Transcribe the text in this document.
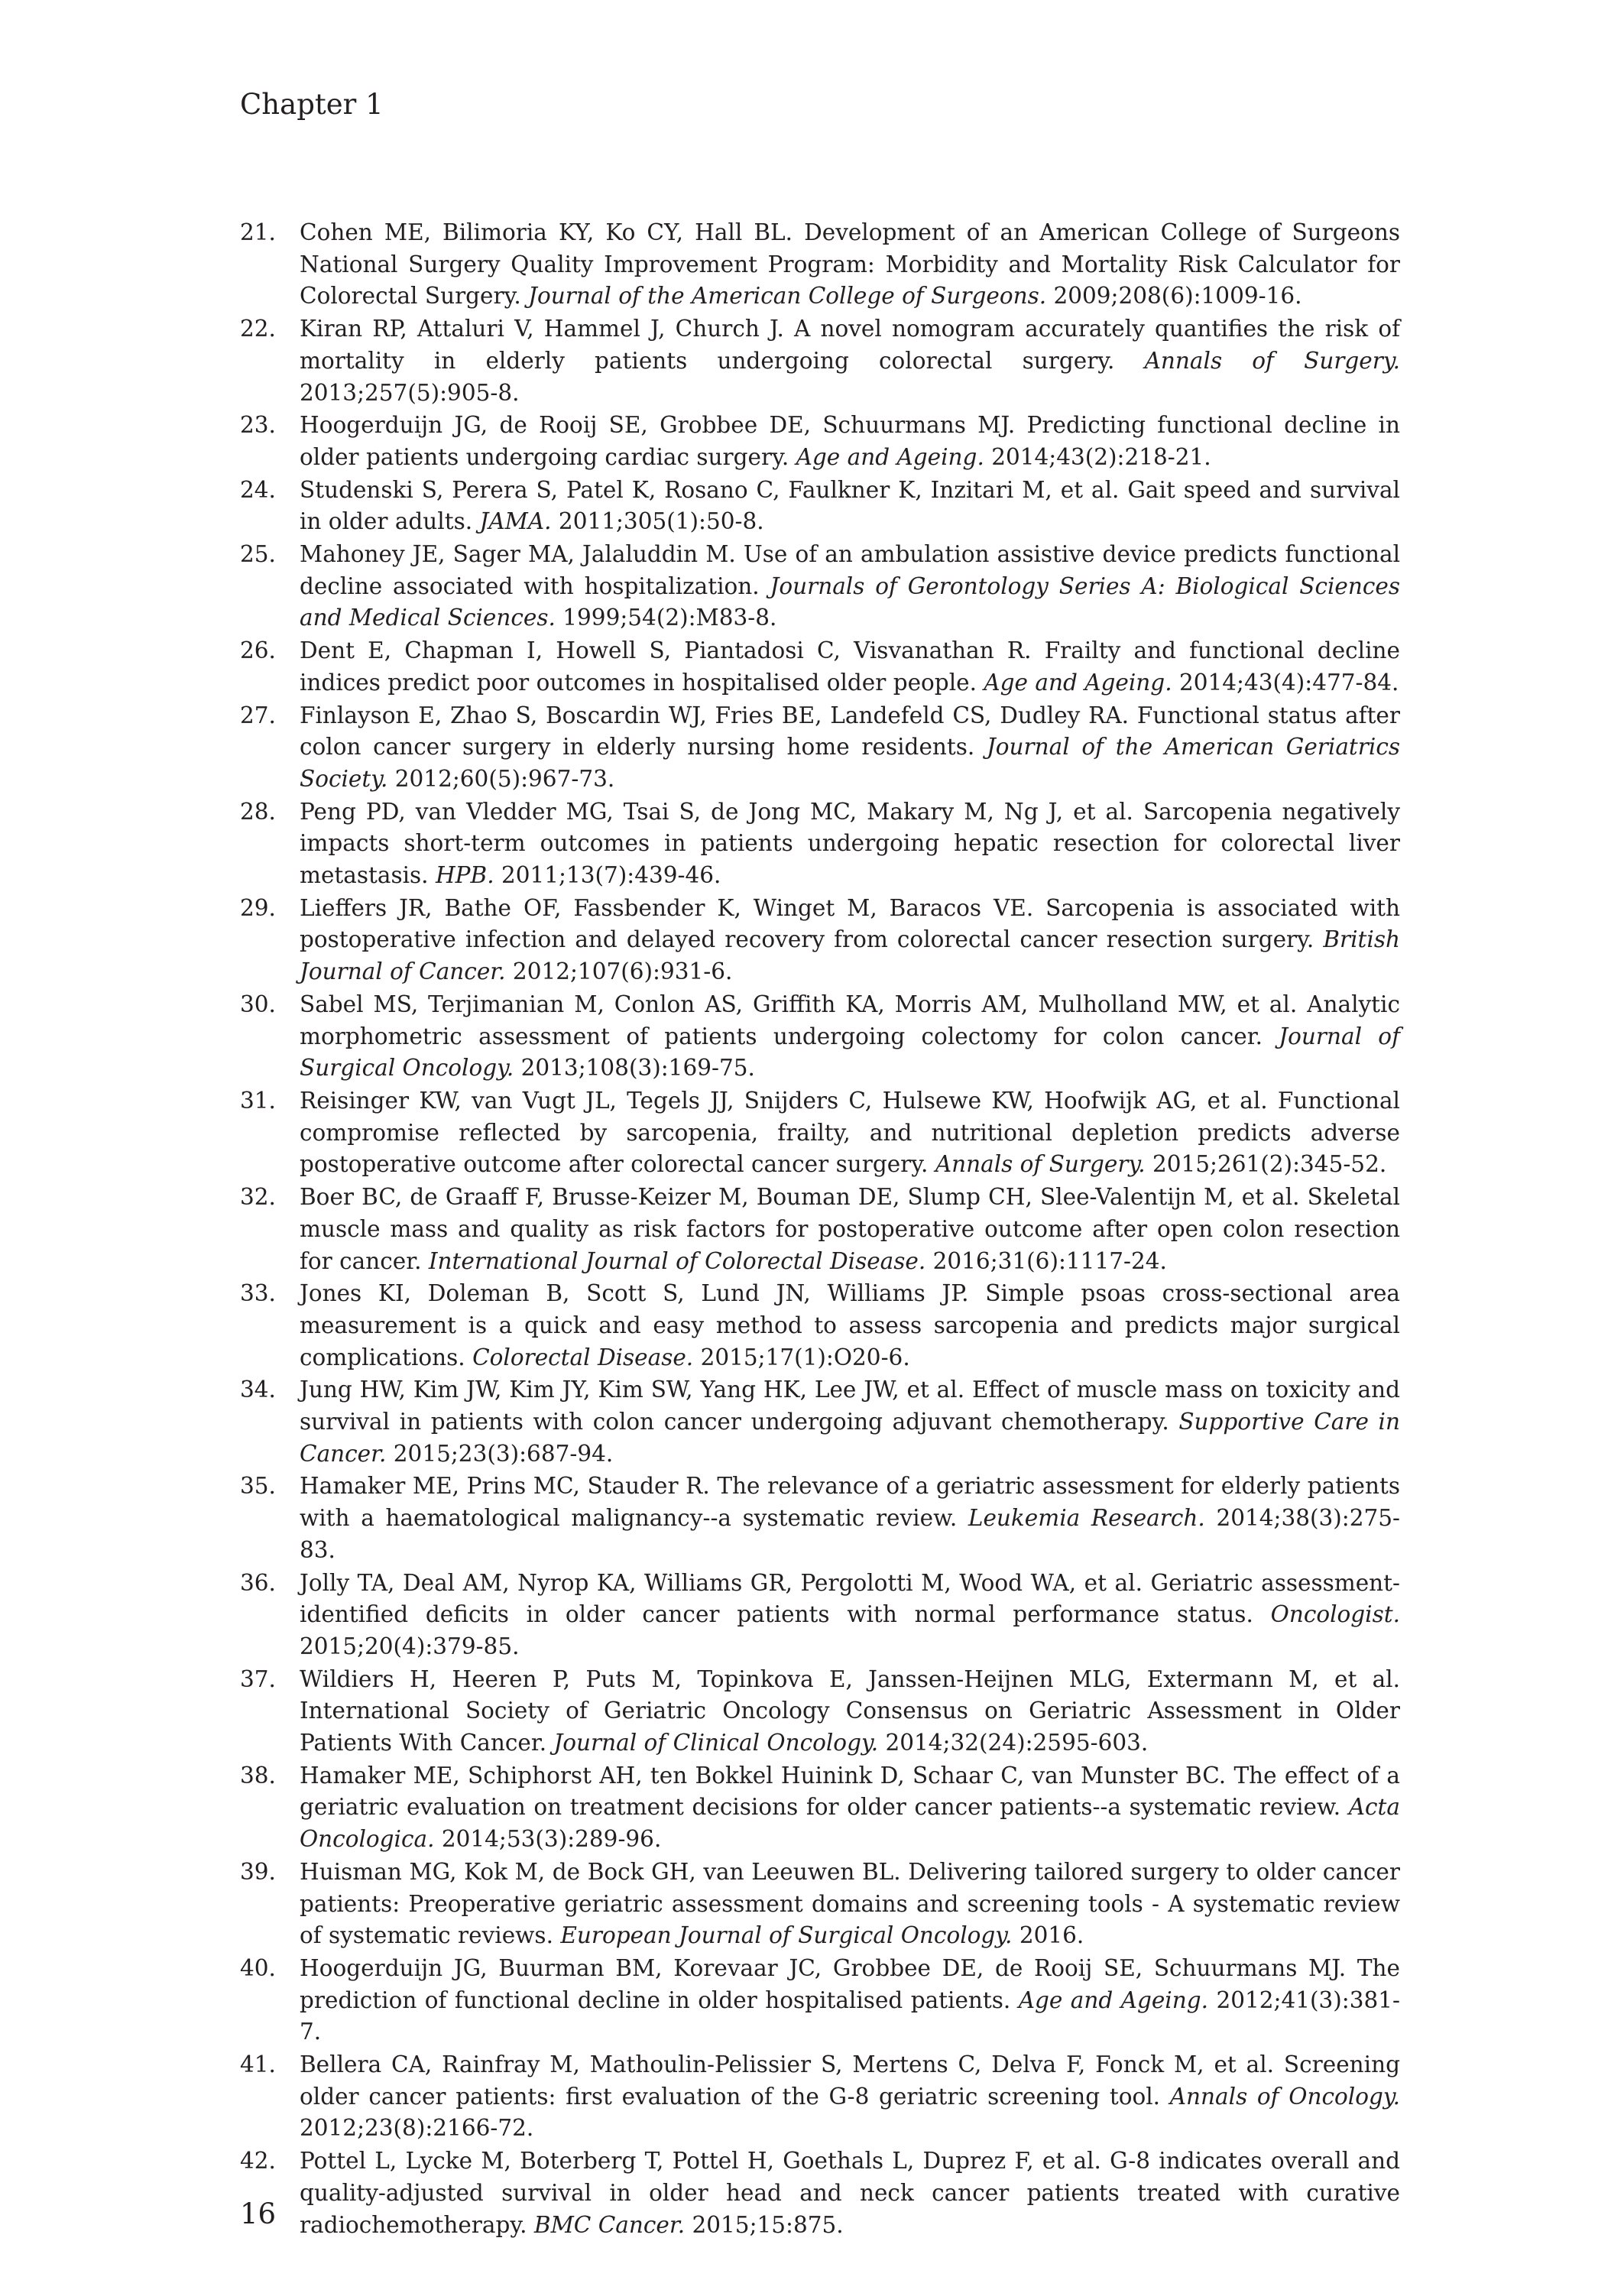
Chapter 1
21. Cohen ME, Bilimoria KY, Ko CY, Hall BL. Development of an American College of Surgeons National Surgery Quality Improvement Program: Morbidity and Mortality Risk Calculator for Colorectal Surgery. Journal of the American College of Surgeons. 2009;208(6):1009-16.
22. Kiran RP, Attaluri V, Hammel J, Church J. A novel nomogram accurately quantifies the risk of mortality in elderly patients undergoing colorectal surgery. Annals of Surgery. 2013;257(5):905-8.
23. Hoogerduijn JG, de Rooij SE, Grobbee DE, Schuurmans MJ. Predicting functional decline in older patients undergoing cardiac surgery. Age and Ageing. 2014;43(2):218-21.
24. Studenski S, Perera S, Patel K, Rosano C, Faulkner K, Inzitari M, et al. Gait speed and survival in older adults. JAMA. 2011;305(1):50-8.
25. Mahoney JE, Sager MA, Jalaluddin M. Use of an ambulation assistive device predicts functional decline associated with hospitalization. Journals of Gerontology Series A: Biological Sciences and Medical Sciences. 1999;54(2):M83-8.
26. Dent E, Chapman I, Howell S, Piantadosi C, Visvanathan R. Frailty and functional decline indices predict poor outcomes in hospitalised older people. Age and Ageing. 2014;43(4):477-84.
27. Finlayson E, Zhao S, Boscardin WJ, Fries BE, Landefeld CS, Dudley RA. Functional status after colon cancer surgery in elderly nursing home residents. Journal of the American Geriatrics Society. 2012;60(5):967-73.
28. Peng PD, van Vledder MG, Tsai S, de Jong MC, Makary M, Ng J, et al. Sarcopenia negatively impacts short-term outcomes in patients undergoing hepatic resection for colorectal liver metastasis. HPB. 2011;13(7):439-46.
29. Lieffers JR, Bathe OF, Fassbender K, Winget M, Baracos VE. Sarcopenia is associated with postoperative infection and delayed recovery from colorectal cancer resection surgery. British Journal of Cancer. 2012;107(6):931-6.
30. Sabel MS, Terjimanian M, Conlon AS, Griffith KA, Morris AM, Mulholland MW, et al. Analytic morphometric assessment of patients undergoing colectomy for colon cancer. Journal of Surgical Oncology. 2013;108(3):169-75.
31. Reisinger KW, van Vugt JL, Tegels JJ, Snijders C, Hulsewe KW, Hoofwijk AG, et al. Functional compromise reflected by sarcopenia, frailty, and nutritional depletion predicts adverse postoperative outcome after colorectal cancer surgery. Annals of Surgery. 2015;261(2):345-52.
32. Boer BC, de Graaff F, Brusse-Keizer M, Bouman DE, Slump CH, Slee-Valentijn M, et al. Skeletal muscle mass and quality as risk factors for postoperative outcome after open colon resection for cancer. International Journal of Colorectal Disease. 2016;31(6):1117-24.
33. Jones KI, Doleman B, Scott S, Lund JN, Williams JP. Simple psoas cross-sectional area measurement is a quick and easy method to assess sarcopenia and predicts major surgical complications. Colorectal Disease. 2015;17(1):O20-6.
34. Jung HW, Kim JW, Kim JY, Kim SW, Yang HK, Lee JW, et al. Effect of muscle mass on toxicity and survival in patients with colon cancer undergoing adjuvant chemotherapy. Supportive Care in Cancer. 2015;23(3):687-94.
35. Hamaker ME, Prins MC, Stauder R. The relevance of a geriatric assessment for elderly patients with a haematological malignancy--a systematic review. Leukemia Research. 2014;38(3):275-83.
36. Jolly TA, Deal AM, Nyrop KA, Williams GR, Pergolotti M, Wood WA, et al. Geriatric assessment-identified deficits in older cancer patients with normal performance status. Oncologist. 2015;20(4):379-85.
37. Wildiers H, Heeren P, Puts M, Topinkova E, Janssen-Heijnen MLG, Extermann M, et al. International Society of Geriatric Oncology Consensus on Geriatric Assessment in Older Patients With Cancer. Journal of Clinical Oncology. 2014;32(24):2595-603.
38. Hamaker ME, Schiphorst AH, ten Bokkel Huinink D, Schaar C, van Munster BC. The effect of a geriatric evaluation on treatment decisions for older cancer patients--a systematic review. Acta Oncologica. 2014;53(3):289-96.
39. Huisman MG, Kok M, de Bock GH, van Leeuwen BL. Delivering tailored surgery to older cancer patients: Preoperative geriatric assessment domains and screening tools - A systematic review of systematic reviews. European Journal of Surgical Oncology. 2016.
40. Hoogerduijn JG, Buurman BM, Korevaar JC, Grobbee DE, de Rooij SE, Schuurmans MJ. The prediction of functional decline in older hospitalised patients. Age and Ageing. 2012;41(3):381-7.
41. Bellera CA, Rainfray M, Mathoulin-Pelissier S, Mertens C, Delva F, Fonck M, et al. Screening older cancer patients: first evaluation of the G-8 geriatric screening tool. Annals of Oncology. 2012;23(8):2166-72.
42. Pottel L, Lycke M, Boterberg T, Pottel H, Goethals L, Duprez F, et al. G-8 indicates overall and quality-adjusted survival in older head and neck cancer patients treated with curative radiochemotherapy. BMC Cancer. 2015;15:875.
16
